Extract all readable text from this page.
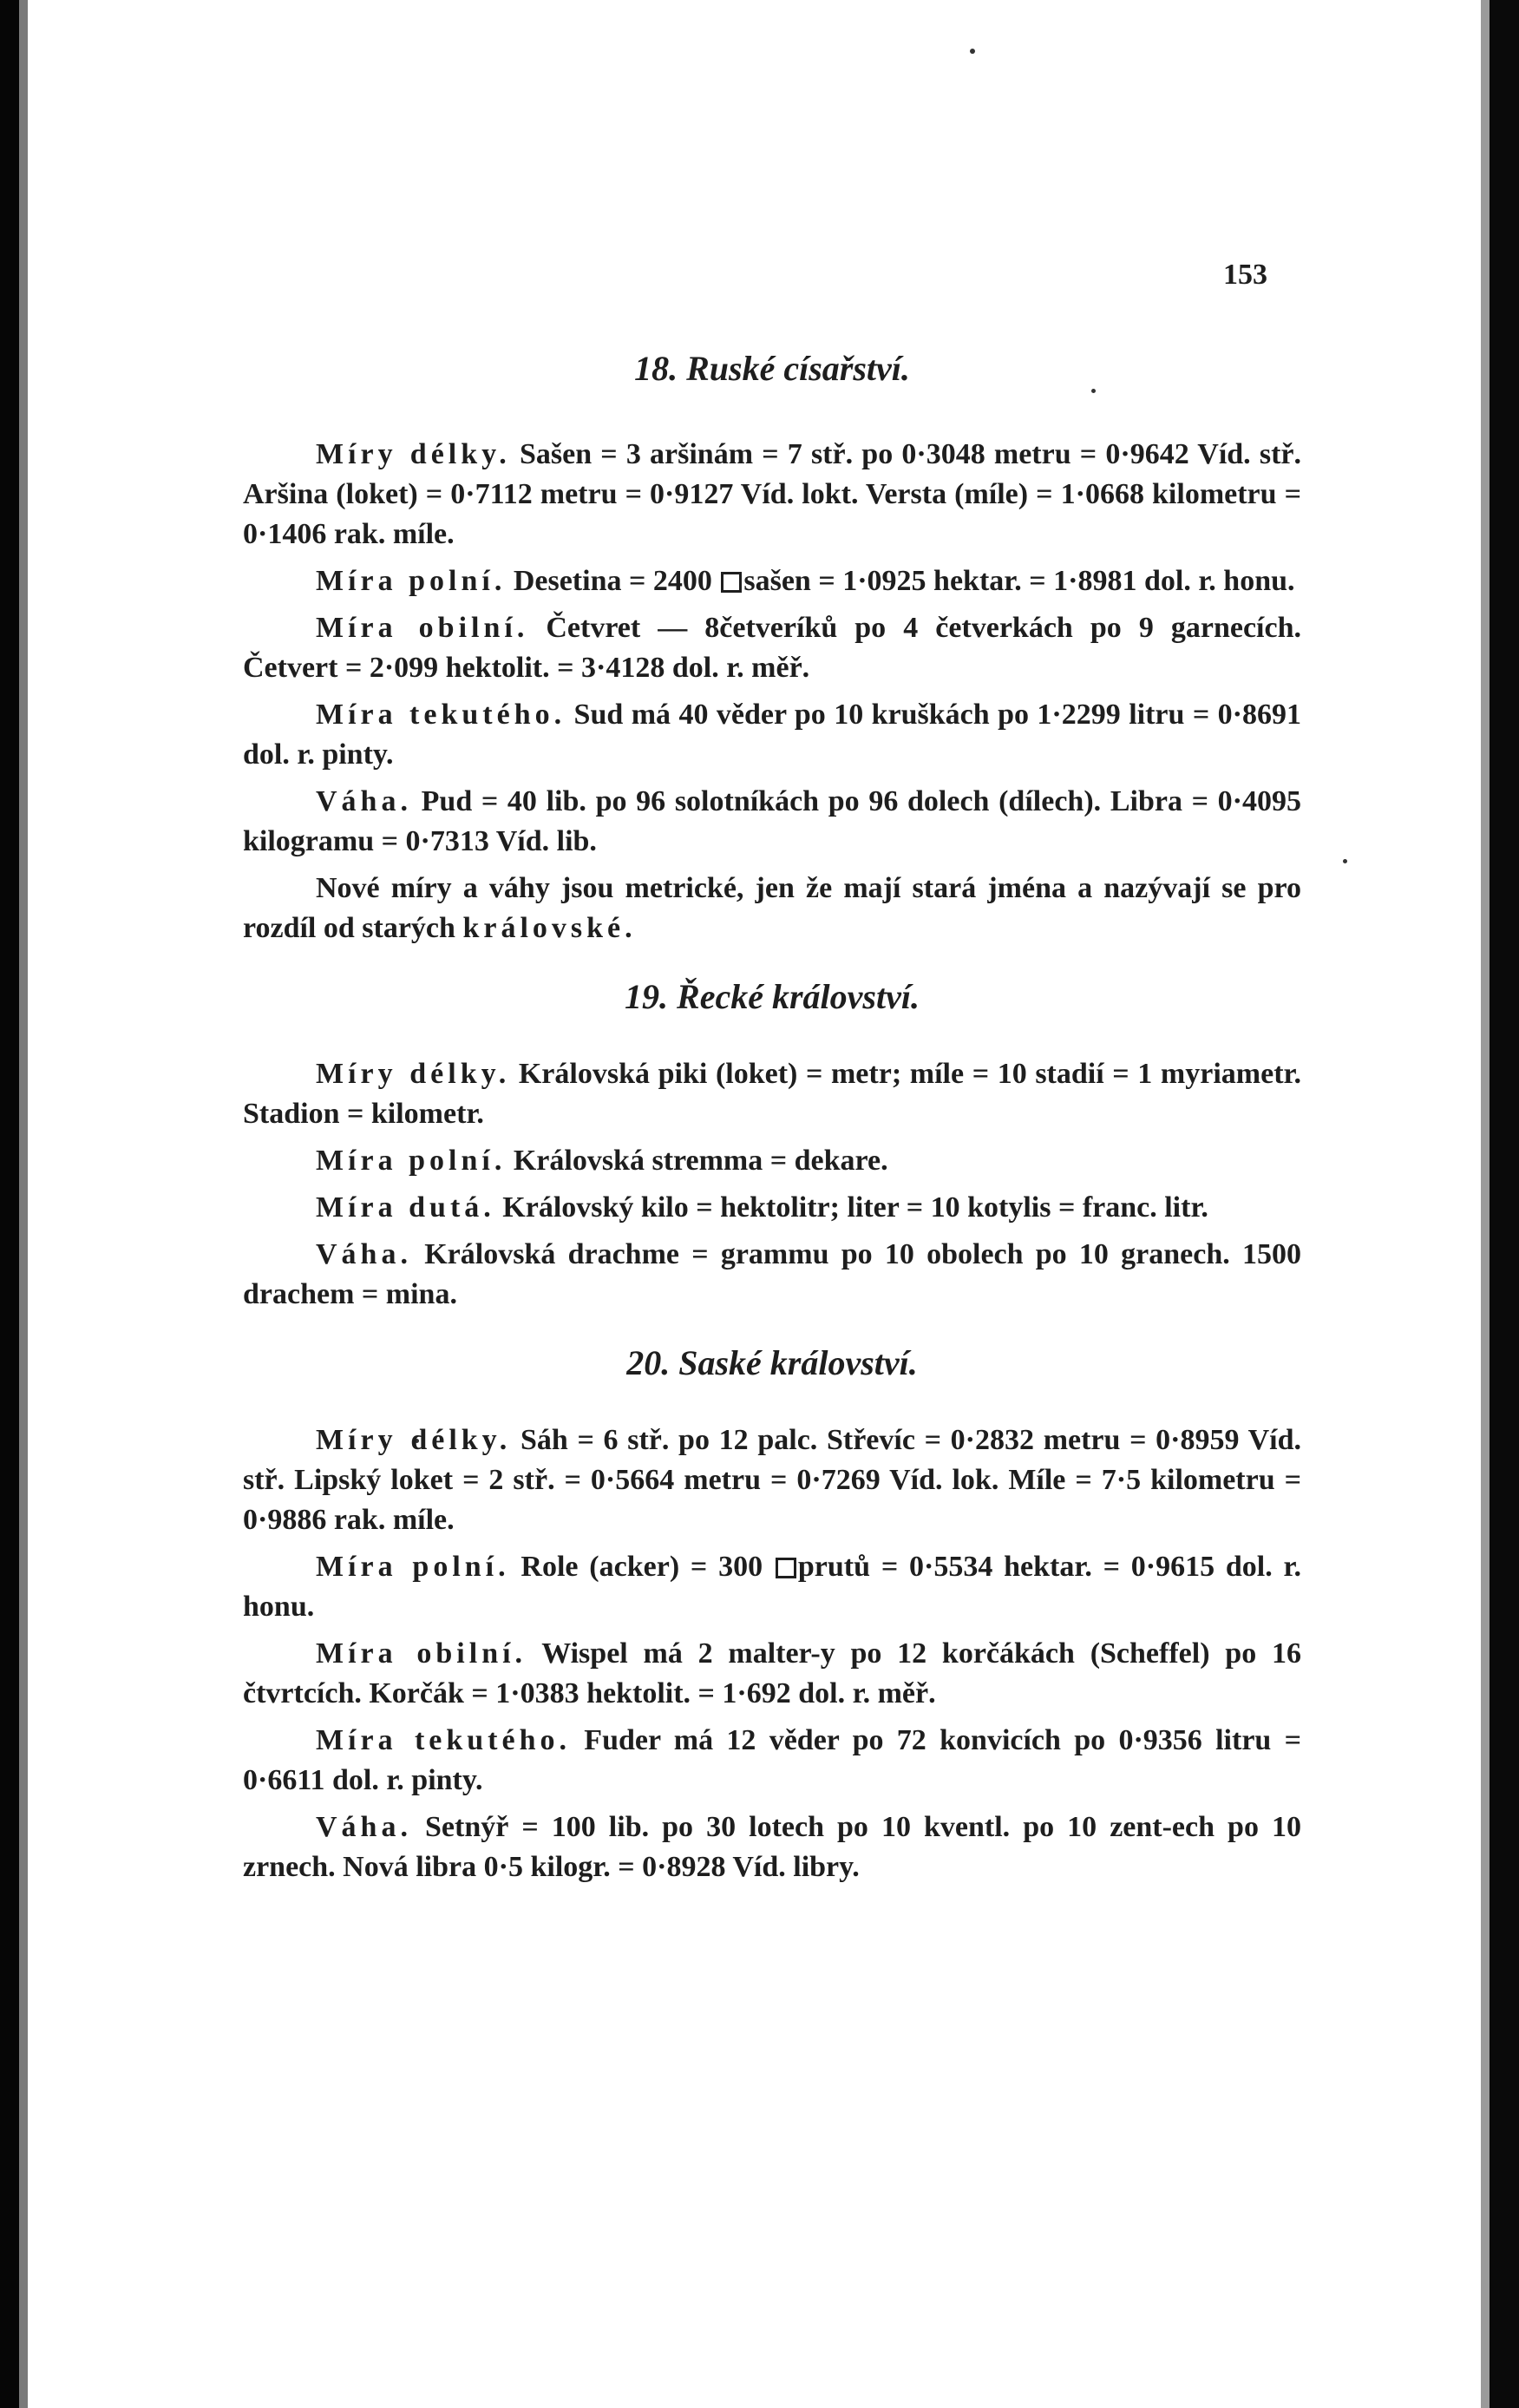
153
18. Ruské císařství.

Míry délky. Sašen = 3 aršinám = 7 stř. po 0·3048 metru = 0·9642 Víd. stř. Aršina (loket) = 0·7112 metru = 0·9127 Víd. lokt. Versta (míle) = 1·0668 kilometru = 0·1406 rak. míle.

Míra polní. Desetina = 2400 sašen = 1·0925 hektar. = 1·8981 dol. r. honu.

Míra obilní. Četvret — 8četveríků po 4 četverkách po 9 garnecích. Četvert = 2·099 hektolit. = 3·4128 dol. r. měř.

Míra tekutého. Sud má 40 věder po 10 kruškách po 1·2299 litru = 0·8691 dol. r. pinty.

Váha. Pud = 40 lib. po 96 solotníkách po 96 dolech (dílech). Libra = 0·4095 kilogramu = 0·7313 Víd. lib.

Nové míry a váhy jsou metrické, jen že mají stará jména a nazývají se pro rozdíl od starých královské.

19. Řecké království.

Míry délky. Královská piki (loket) = metr; míle = 10 stadií = 1 myriametr. Stadion = kilometr.

Míra polní. Královská stremma = dekare.

Míra dutá. Královský kilo = hektolitr; liter = 10 kotylis = franc. litr.

Váha. Královská drachme = grammu po 10 obolech po 10 granech. 1500 drachem = mina.

20. Saské království.

Míry délky. Sáh = 6 stř. po 12 palc. Střevíc = 0·2832 metru = 0·8959 Víd. stř. Lipský loket = 2 stř. = 0·5664 metru = 0·7269 Víd. lok. Míle = 7·5 kilometru = 0·9886 rak. míle.

Míra polní. Role (acker) = 300 prutů = 0·5534 hektar. = 0·9615 dol. r. honu.

Míra obilní. Wispel má 2 malter-y po 12 korčákách (Scheffel) po 16 čtvrtcích. Korčák = 1·0383 hektolit. = 1·692 dol. r. měř.

Míra tekutého. Fuder má 12 věder po 72 konvicích po 0·9356 litru = 0·6611 dol. r. pinty.

Váha. Setnýř = 100 lib. po 30 lotech po 10 kventl. po 10 zent-ech po 10 zrnech. Nová libra 0·5 kilogr. = 0·8928 Víd. libry.
